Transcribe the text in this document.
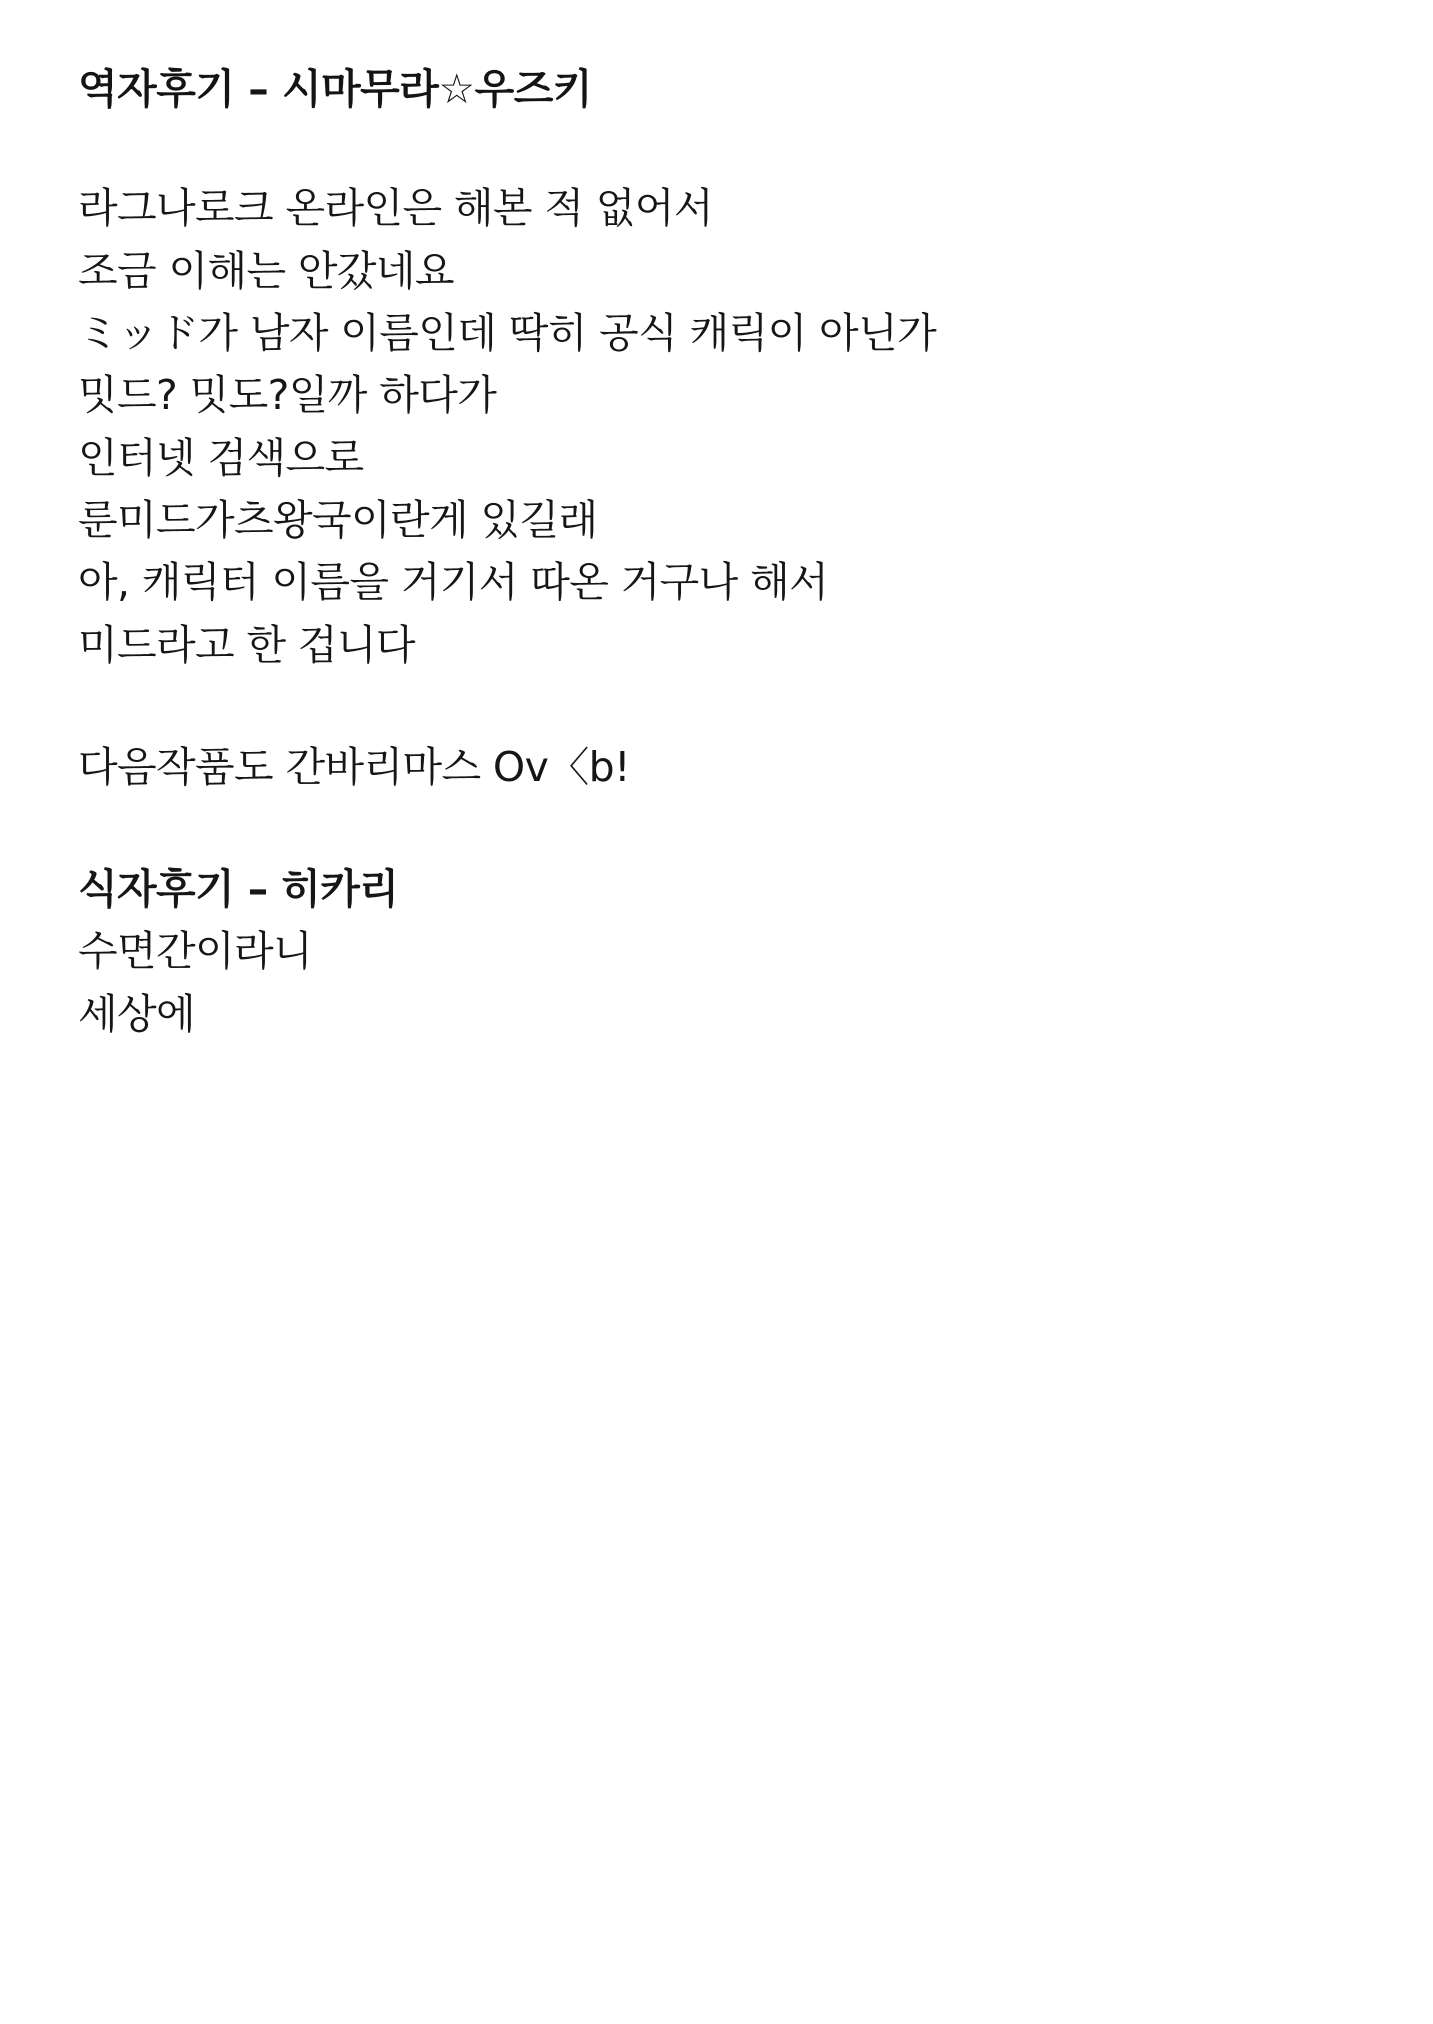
역자후기 – 시마무라☆우즈키
라그나로크 온라인은 해본 적 없어서
조금 이해는 안갔네요
ミッド가 남자 이름인데 딱히 공식 캐릭이 아닌가
밋드? 밋도?일까 하다가
인터넷 검색으로
룬미드가츠왕국이란게 있길래
아, 캐릭터 이름을 거기서 따온 거구나 해서
미드라고 한 겁니다
다음작품도 간바리마스 Ov〈b!
식자후기 – 히카리
수면간이라니
세상에
